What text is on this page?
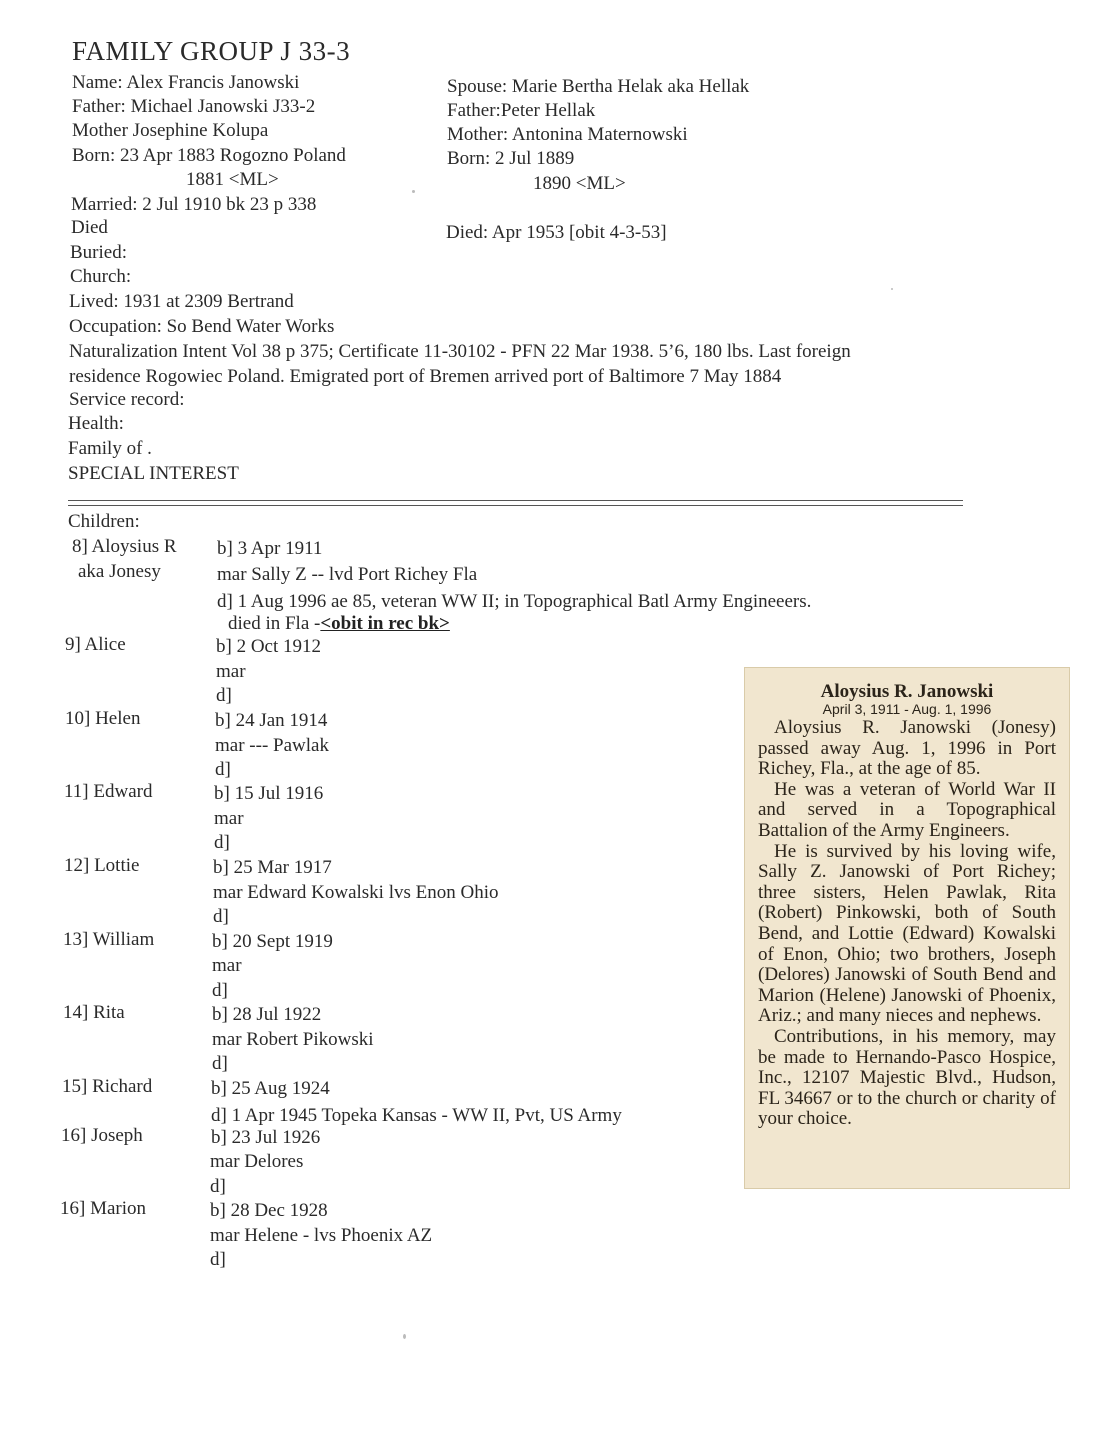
FAMILY GROUP J 33-3
Name: Alex Francis Janowski
Father: Michael Janowski J33-2
Mother Josephine Kolupa
Born: 23 Apr 1883 Rogozno Poland
1881 <ML>
Married: 2 Jul 1910 bk 23 p 338
Died
Buried:
Church:
Lived: 1931 at 2309 Bertrand
Occupation: So Bend Water Works
Naturalization Intent Vol 38 p 375; Certificate 11-30102 - PFN 22 Mar 1938. 5’6, 180 lbs. Last foreign
residence Rogowiec Poland. Emigrated port of Bremen arrived port of Baltimore 7 May 1884
Service record:
Health:
Family of .
SPECIAL INTEREST
Spouse: Marie Bertha Helak aka Hellak
Father:Peter Hellak
Mother: Antonina Maternowski
Born: 2 Jul 1889
1890 <ML>
Died: Apr 1953 [obit 4-3-53]
Children:
8] Aloysius R
aka Jonesy
b] 3 Apr 1911
mar Sally Z -- lvd Port Richey Fla
d] 1 Aug 1996 ae 85, veteran WW II; in Topographical Batl Army Engineeers.
died in Fla -<obit in rec bk>
9] Alice	b] 2 Oct 1912
mar
d]
10] Helen	b] 24 Jan 1914
mar --- Pawlak
d]
11] Edward	b] 15 Jul 1916
mar
d]
12] Lottie	b] 25 Mar 1917
mar Edward Kowalski lvs Enon Ohio
d]
13] William	b] 20 Sept 1919
mar
d]
14] Rita	b] 28 Jul 1922
mar Robert Pikowski
d]
15] Richard	b] 25 Aug 1924
d] 1 Apr 1945 Topeka Kansas - WW II, Pvt, US Army
16] Joseph	b] 23 Jul 1926
mar Delores
d]
16] Marion	b] 28 Dec 1928
mar Helene - lvs Phoenix AZ
d]
Aloysius R. Janowski
April 3, 1911 - Aug. 1, 1996

Aloysius R. Janowski (Jonesy) passed away Aug. 1, 1996 in Port Richey, Fla., at the age of 85.

He was a veteran of World War II and served in a Topographical Battalion of the Army Engineers.

He is survived by his loving wife, Sally Z. Janowski of Port Richey; three sisters, Helen Pawlak, Rita (Robert) Pinkowski, both of South Bend, and Lottie (Edward) Kowalski of Enon, Ohio; two brothers, Joseph (Delores) Janowski of South Bend and Marion (Helene) Janowski of Phoenix, Ariz.; and many nieces and nephews.

Contributions, in his memory, may be made to Hernando-Pasco Hospice, Inc., 12107 Majestic Blvd., Hudson, FL 34667 or to the church or charity of your choice.
